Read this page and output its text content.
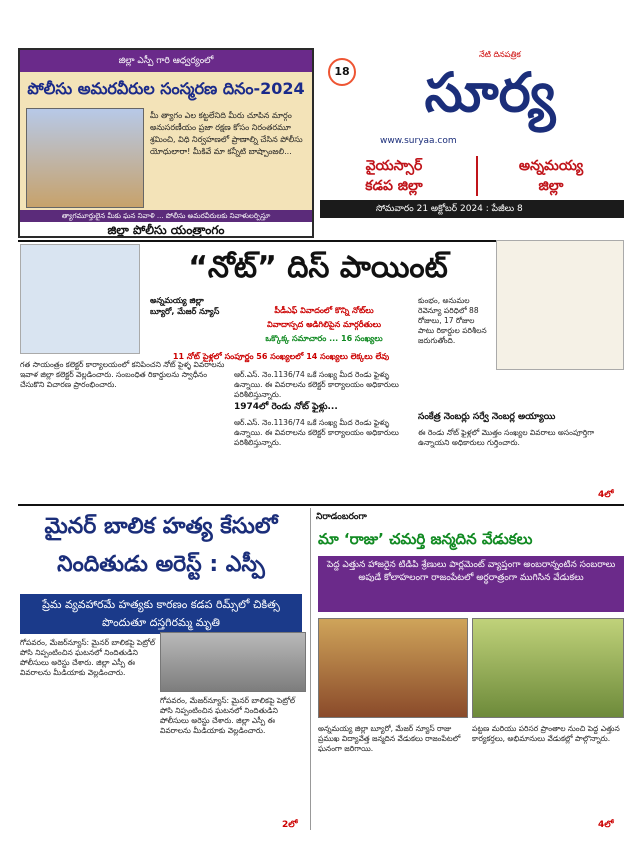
జిల్లా ఎస్పీ గారి ఆధ్వర్యంలో
పోలీసు అమరవీరుల సంస్మరణ దినం-2024
మీ త్యాగం ఎల కట్టలేనిది మీరు చూపిన మార్గం అనుసరణీయం ప్రజా రక్షణ కోసం నిరంతరమూ శ్రమించి, విధి నిర్వహణలో ప్రాణాల్ని చేసిన పోలీసు యోధులారా! మీకివే మా కన్నీటి బాష్పాంజలి...
త్యాగమూర్తులైన మీకు ఘన నివాళి ... పోలీసు అమరవీరులకు నివాళులర్పిస్తూ
జిల్లా పోలీసు యంత్రాంగం
18
నేటి దినపత్రిక
సూర్య
www.suryaa.com
వైయస్సార్
కడప జిల్లా
అన్నమయ్య
జిల్లా
సోమవారం 21 అక్టోబర్ 2024 : పేజీలు 8
“నోట్” దిస్ పాయింట్
అన్నమయ్య జిల్లా బ్యూరో, మేజర్ న్యూస్	పీడీఎఫ్ వివాదంలో కొన్ని నోట్‌లు
వివాదాస్పద అడిగిలిపైన మార్గరీతులు
ఒక్కొక్క సమాచారం ... 16 సంఖ్యలు
11 నోట్ పైళ్లలో సంపూర్ణం 56 సంఖ్యలలో 14 సంఖ్యలు లెక్కలు లేవు
గత సాయంత్రం కలెక్టర్ కార్యాలయంలో కనిపించని నోట్ పైళ్ళ వివరాలను ఇవాళ జిల్లా కలెక్టర్ వెల్లడించారు. సంబంధిత రికార్డులను స్వాధీనం చేసుకొని విచారణ ప్రారంభించారు.
ఆర్.ఎస్. నెం.1136/74 ఒకే సంఖ్య మీద రెండు ఫైళ్ళు ఉన్నాయి. ఈ వివరాలను కలెక్టర్ కార్యాలయం అధికారులు పరిశీలిస్తున్నారు.
1974లో రెండు నోట్ ఫైళ్లు...
ఆర్.ఎస్. నెం.1136/74 ఒకే సంఖ్య మీద రెండు ఫైళ్ళు ఉన్నాయి. ఈ వివరాలను కలెక్టర్ కార్యాలయం అధికారులు పరిశీలిస్తున్నారు.
కుంభం, అనుమల రెవెన్యూ పరిధిలో 88 రోజులు, 17 రోజుల పాటు రికార్డుల పరిశీలన జరుగుతోంది.
సంకేత్ర నెంబర్లు సర్వే నెంబర్ల అయ్యాయి
ఈ రెండు నోట్ ఫైళ్లలో మొత్తం సంఖ్యల వివరాలు అసంపూర్తిగా ఉన్నాయని అధికారులు గుర్తించారు.
4లో
మైనర్ బాలిక హత్య కేసులో నిందితుడు అరెస్ట్ : ఎస్పీ
ప్రేమ వ్యవహారమే హత్యకు కారణం కడప రిమ్స్‌లో చికిత్స పొందుతూ దస్తగిరమ్మ మృతి
గోపవరం, మేజర్‌న్యూస్: మైనర్ బాలికపై పెట్రోల్ పోసి నిప్పంటించిన ఘటనలో నిందితుడిని పోలీసులు అరెస్టు చేశారు. జిల్లా ఎస్పీ ఈ వివరాలను మీడియాకు వెల్లడించారు.
గోపవరం, మేజర్‌న్యూస్: మైనర్ బాలికపై పెట్రోల్ పోసి నిప్పంటించిన ఘటనలో నిందితుడిని పోలీసులు అరెస్టు చేశారు. జిల్లా ఎస్పీ ఈ వివరాలను మీడియాకు వెల్లడించారు.
2లో
నిరాడంబరంగా
మా ‘రాజు’ చమర్తి జన్మదిన వేడుకలు
పెద్ద ఎత్తున హాజరైన టిడిపి శ్రేణులు పార్లమెంట్ వ్యాప్తంగా అంబరాన్నంటిన సంబరాలు అపుడే కోలాహలంగా రాజంపేటలో అర్ధరాత్రంగా ముగిసిన వేడుకలు
అన్నమయ్య జిల్లా బ్యూరో, మేజర్ న్యూస్ రాజు ప్రముఖ విద్యావేత్త జన్మదిన వేడుకలు రాజంపేటలో ఘనంగా జరిగాయి.
పట్టణ మరియు పరిసర ప్రాంతాల నుంచి పెద్ద ఎత్తున కార్యకర్తలు, అభిమానులు వేడుకల్లో పాల్గొన్నారు.
4లో
